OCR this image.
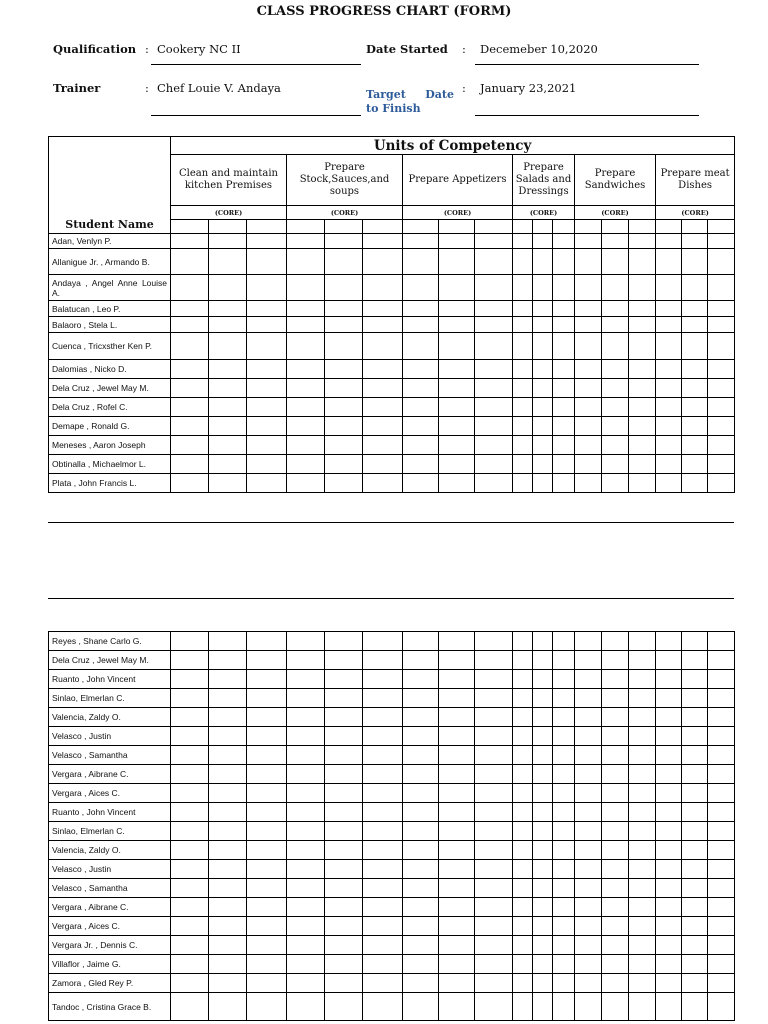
CLASS PROGRESS CHART (FORM)
Qualification : Cookery NC II	Date Started : Decemeber 10,2020
Trainer	: Chef Louie V. Andaya	Target Date to Finish
: January 23,2021
Student Name	Units of Competency																	
	Clean and maintain kitchen Premises			Prepare Stock,Sauces,and soups			Prepare Appetizers			Prepare Salads and Dressings			Prepare Sandwiches			Prepare meat Dishes		
	(CORE)			(CORE)			(CORE)			(CORE)			(CORE)			(CORE)		

Adan, Venlyn P.																		
Allanigue Jr. , Armando B.																		
Andaya , Angel Anne Louise A.																		
Balatucan , Leo P.																		
Balaoro , Stela L.																		
Cuenca , Tricxsther Ken P.																		
Dalomias , Nicko D.																		
Dela Cruz , Jewel May M.																		
Dela Cruz , Rofel C.																		
Demape , Ronald G.																		
Meneses , Aaron Joseph																		
Obtinalla , Michaelmor L.																		
Plata , John Francis L.																		
Reyes , Shane Carlo G.																		
Dela Cruz , Jewel May M.																		
Ruanto , John Vincent																		
Sinlao, Elmerlan C.																		
Valencia, Zaldy O.																		
Velasco , Justin																		
Velasco , Samantha																		
Vergara , Aibrane C.																		
Vergara , Aices C.																		
Ruanto , John Vincent																		
Sinlao, Elmerlan C.																		
Valencia, Zaldy O.																		
Velasco , Justin																		
Velasco , Samantha																		
Vergara , Aibrane C.																		
Vergara , Aices C.																		
Vergara Jr. , Dennis C.																		
Villaflor , Jaime G.																		
Zamora , Gled Rey P.																		
Tandoc , Cristina Grace B.																		
